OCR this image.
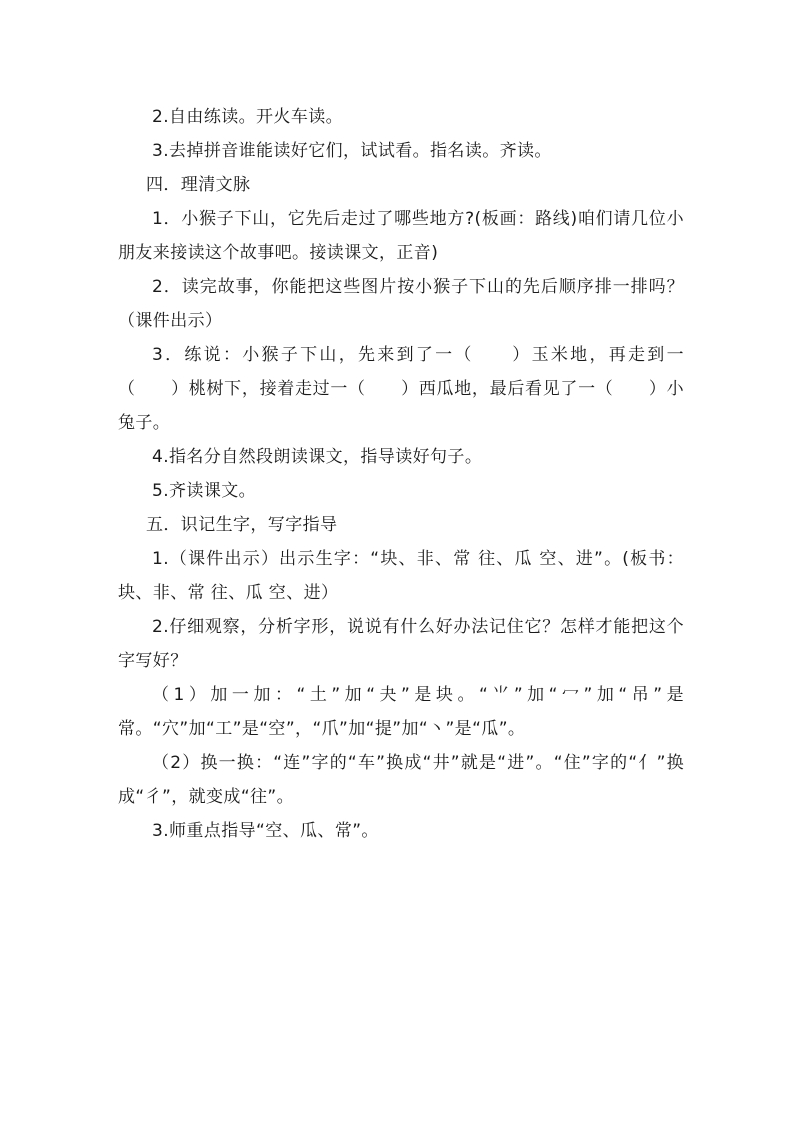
2.自由练读。开火车读。

3.去掉拼音谁能读好它们，试试看。指名读。齐读。

四．理清文脉

1．小猴子下山，它先后走过了哪些地方?(板画：路线)咱们请几位小朋友来接读这个故事吧。接读课文，正音)

2．读完故事，你能把这些图片按小猴子下山的先后顺序排一排吗？（课件出示）

3．练说：小猴子下山，先来到了一（　　）玉米地，再走到一（　　）桃树下，接着走过一（　　）西瓜地，最后看见了一（　　）小兔子。

4.指名分自然段朗读课文，指导读好句子。

5.齐读课文。

五．识记生字，写字指导

1.（课件出示）出示生字：“块、非、常 往、瓜 空、进”。(板书：块、非、常 往、瓜 空、进）

2.仔细观察，分析字形，说说有什么好办法记住它？怎样才能把这个字写好？

（1）加一加：“土”加“夬”是块。“⺌”加“冖”加“吊”是常。“穴”加“工”是“空”，“爪”加“提”加“丶”是“瓜”。

（2）换一换：“连”字的“车”换成“井”就是“进”。“住”字的“亻”换成“彳”，就变成“往”。

3.师重点指导“空、瓜、常”。
